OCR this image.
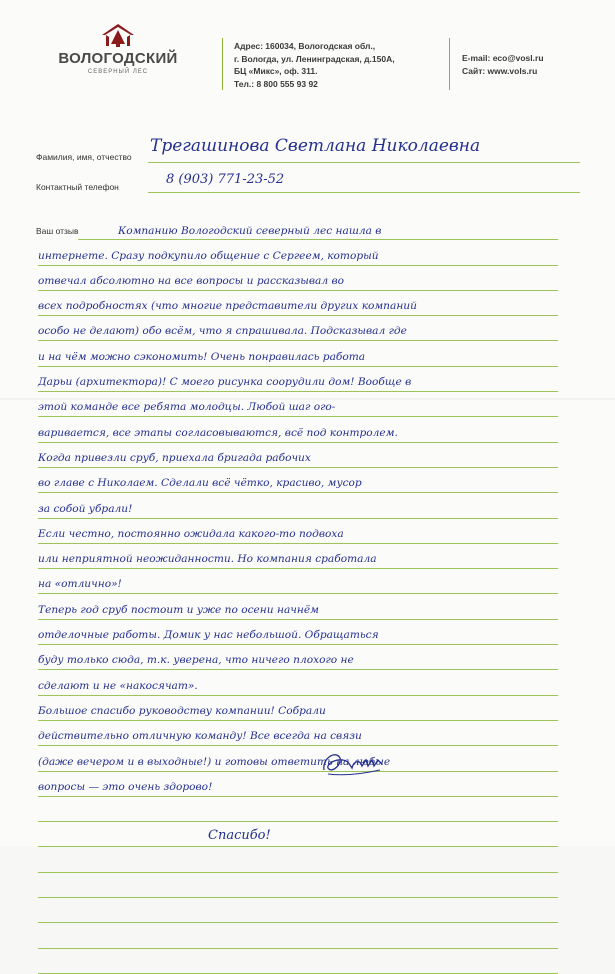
ВОЛОГОДСКИЙ
СЕВЕРНЫЙ ЛЕС
Адрес: 160034, Вологодская обл.,
г. Вологда, ул. Ленинградская, д.150А,
БЦ «Микс», оф. 311.
Тел.: 8 800 555 93 92
E-mail: eco@vosl.ru
Сайт: www.vols.ru
Фамилия, имя, отчество
Трегашинова Светлана Николаевна
Контактный телефон	8 (903) 771-23-52
Ваш отзыв	Компанию Вологодский северный лес нашла в
интернете. Сразу подкупило общение с Сергеем, который
отвечал абсолютно на все вопросы и рассказывал во
всех подробностях (что многие представители других компаний
особо не делают) обо всём, что я спрашивала. Подсказывал где
и на чём можно сэкономить! Очень понравилась работа
Дарьи (архитектора)! С моего рисунка соорудили дом! Вообще в
этой команде все ребята молодцы. Любой шаг ого-
варивается, все этапы согласовываются, всё под контролем.
Когда привезли сруб, приехала бригада рабочих
во главе с Николаем. Сделали всё чётко, красиво, мусор
за собой убрали!
Если честно, постоянно ожидала какого-то подвоха
или неприятной неожиданности. Но компания сработала
на «отлично»!
Теперь год сруб постоит и уже по осени начнём
отделочные работы. Домик у нас небольшой. Обращаться
буду только сюда, т.к. уверена, что ничего плохого не
сделают и не «накосячат».
Большое спасибо руководству компании! Собрали
действительно отличную команду! Все всегда на связи
(даже вечером и в выходные!) и готовы ответить на любые
вопросы — это очень здорово!
Спасибо!
